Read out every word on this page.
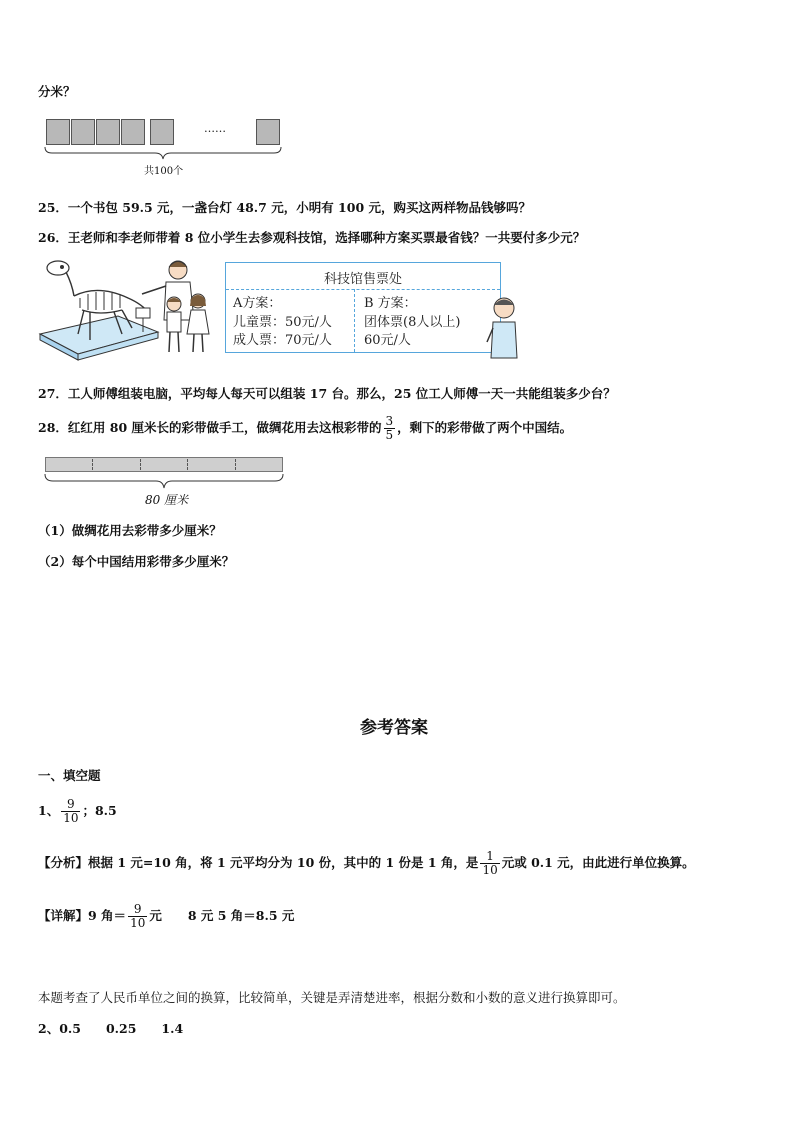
分米？
……
共100个
25．一个书包 59.5 元，一盏台灯 48.7 元，小明有 100 元，购买这两样物品钱够吗？
26．王老师和李老师带着 8 位小学生去参观科技馆，选择哪种方案买票最省钱？一共要付多少元？
科技馆售票处
A方案：
儿童票：50元/人
成人票：70元/人
B 方案：
团体票(8人以上)
60元/人
27．工人师傅组装电脑，平均每人每天可以组装 17 台。那么，25 位工人师傅一天一共能组装多少台？
28．红红用 80 厘米长的彩带做手工，做绸花用去这根彩带的 $\frac{3}{5}$ ，剩下的彩带做了两个中国结。
80 厘米
（1）做绸花用去彩带多少厘米？
（2）每个中国结用彩带多少厘米？
参考答案
一、填空题
1、 $\frac{9}{10}$ ；8.5
【分析】根据 1 元=10 角，将 1 元平均分为 10 份，其中的 1 份是 1 角，是 $\frac{1}{10}$ 元或 0.1 元，由此进行单位换算。
【详解】9 角＝ $\frac{9}{10}$ 元 8 元 5 角＝8.5 元
本题考查了人民币单位之间的换算，比较简单，关键是弄清楚进率，根据分数和小数的意义进行换算即可。
2、0.5　　0.25　　1.4
